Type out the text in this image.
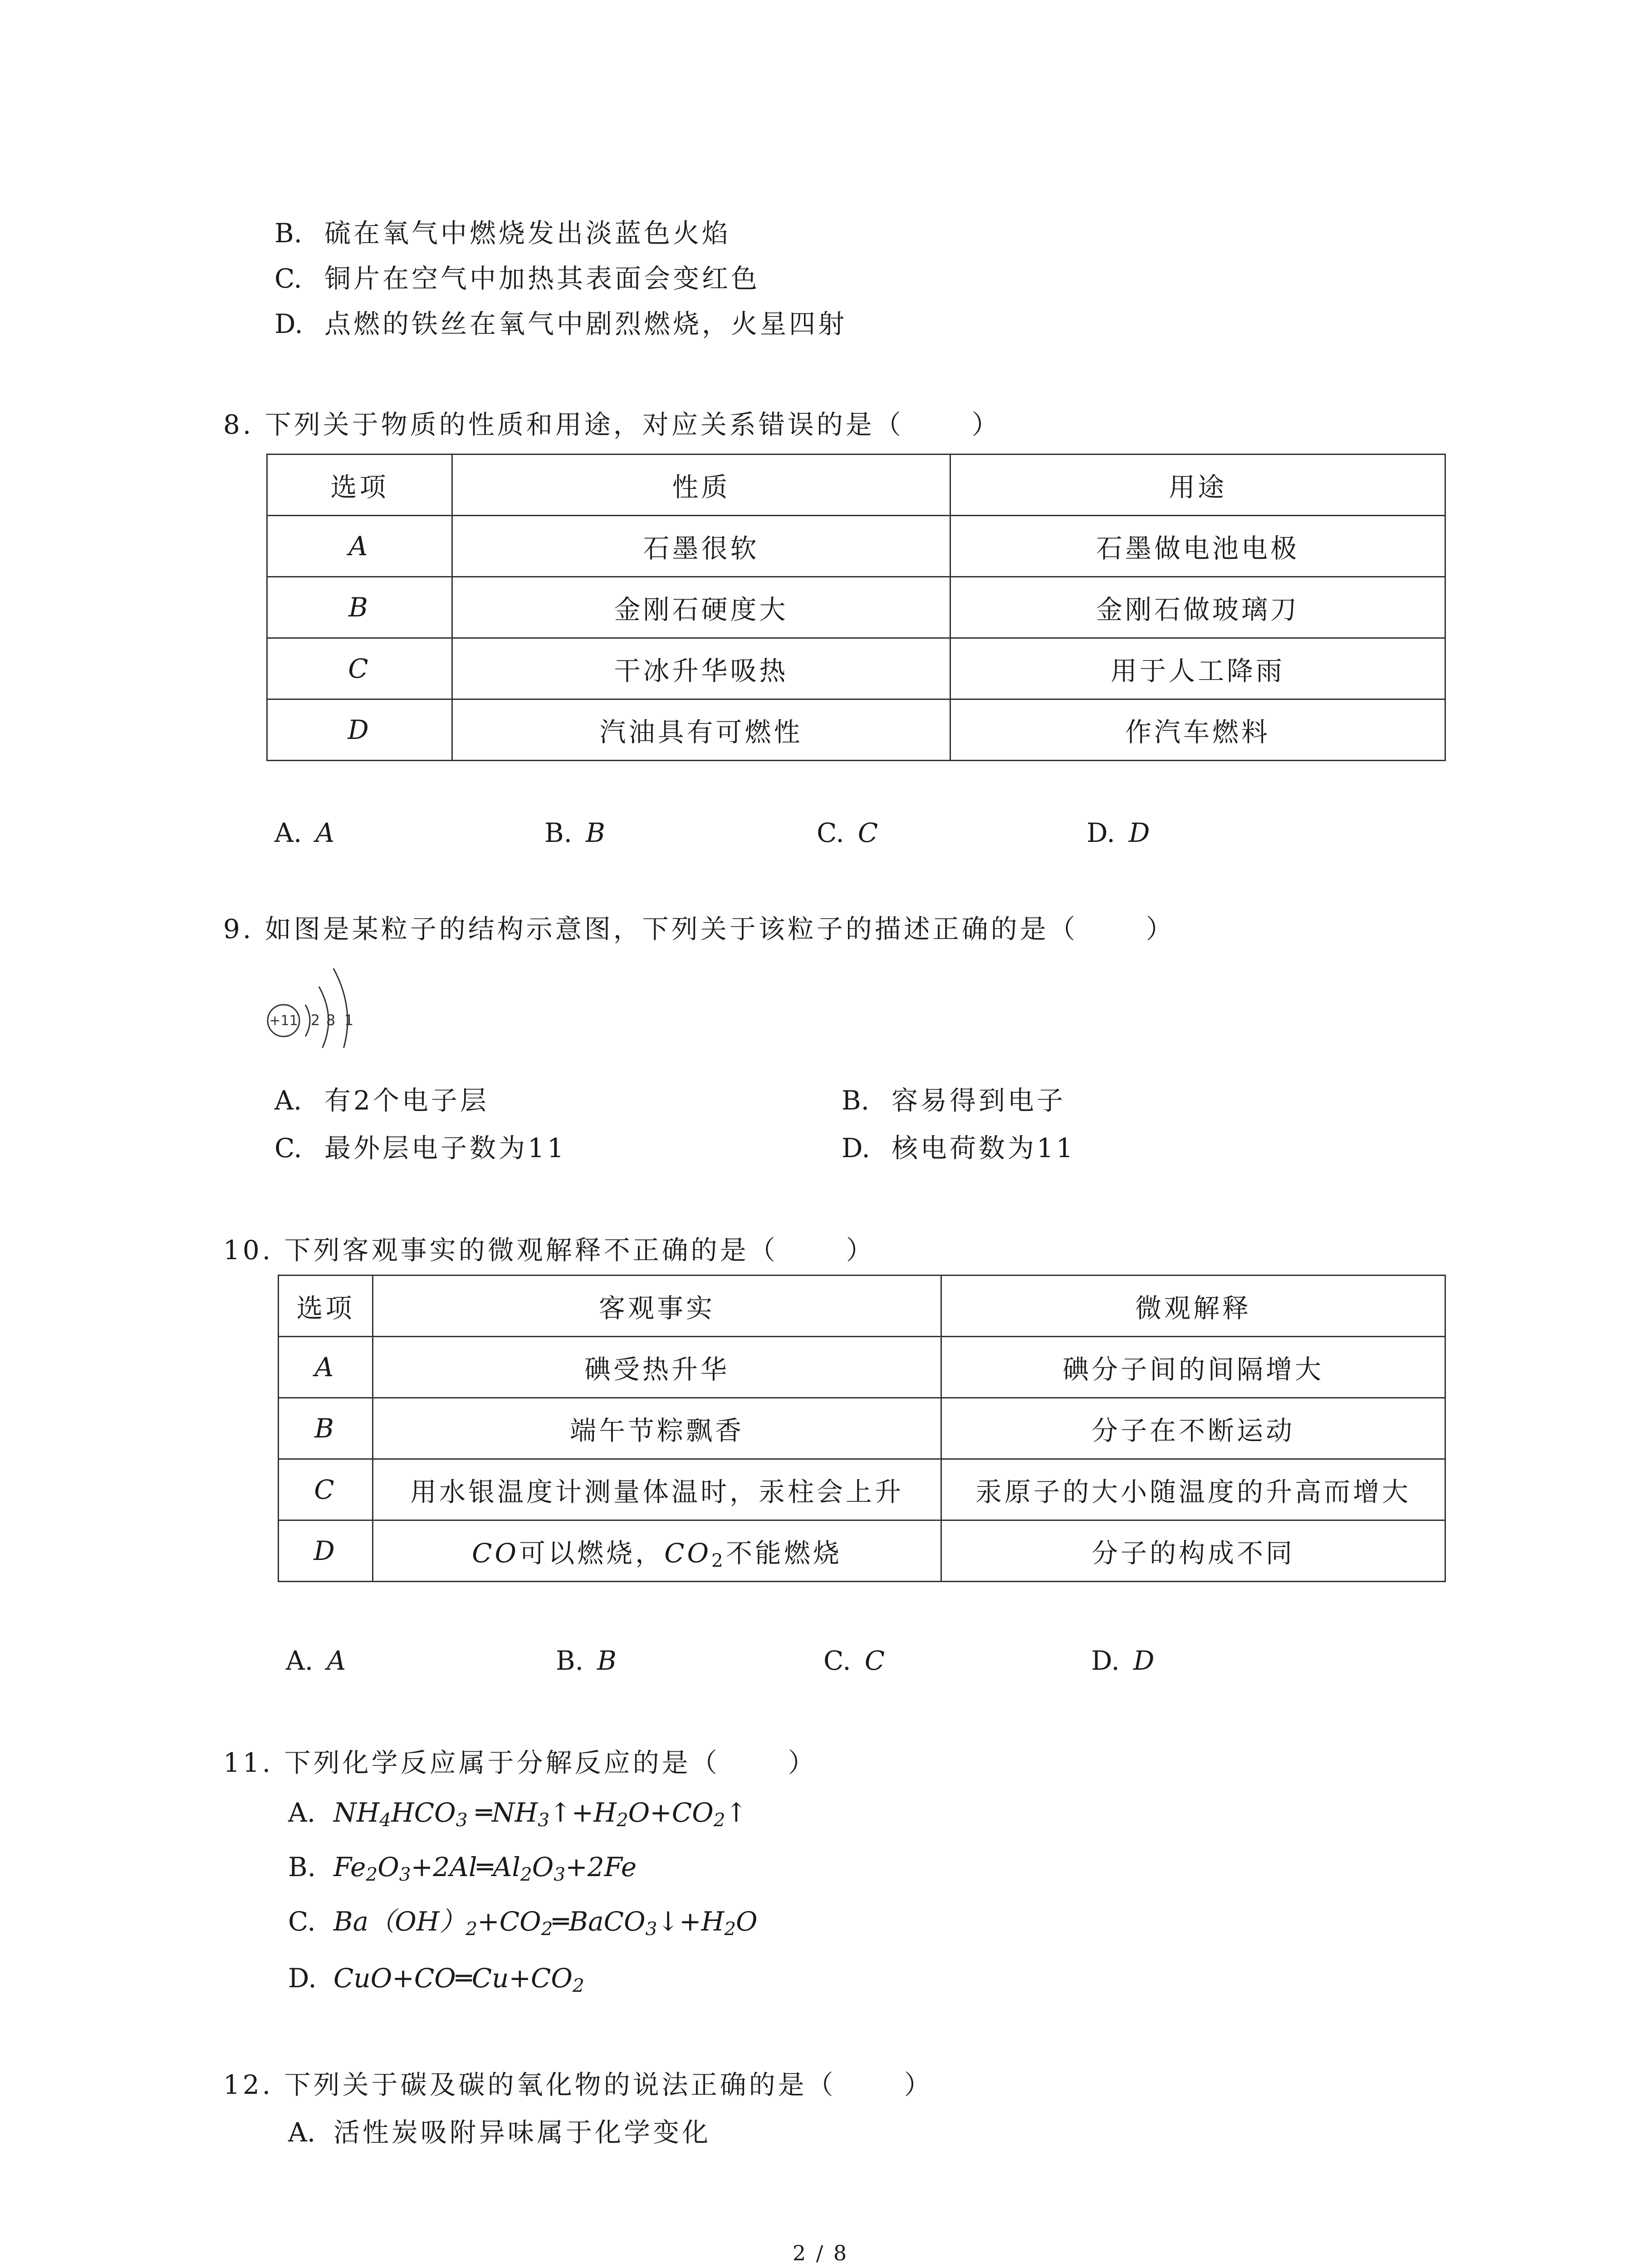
B. 硫在氧气中燃烧发出淡蓝色火焰
C. 铜片在空气中加热其表面会变红色
D. 点燃的铁丝在氧气中剧烈燃烧，火星四射
8. 下列关于物质的性质和用途，对应关系错误的是（	）
选项	性质	用途
A	石墨很软	石墨做电池电极
B	金刚石硬度大	金刚石做玻璃刀
C	干冰升华吸热	用于人工降雨
D	汽油具有可燃性	作汽车燃料
A. A	B. B	C. C	D. D
9. 如图是某粒子的结构示意图，下列关于该粒子的描述正确的是（	）
+11 2 8 1
A. 有2个电子层	B. 容易得到电子
C. 最外层电子数为11	D. 核电荷数为11
10. 下列客观事实的微观解释不正确的是（	）
选项	客观事实	微观解释
A	碘受热升华	碘分子间的间隔增大
B	端午节粽飘香	分子在不断运动
C	用水银温度计测量体温时，汞柱会上升	汞原子的大小随温度的升高而增大
D	CO可以燃烧，$CO_2$不能燃烧	分子的构成不同
A. A	B. B	C. C	D. D
11. 下列化学反应属于分解反应的是（	）
A. $NH_4HCO_3$ $═NH_3↑+H_2O+CO_2↑$
B. $Fe_2O_3+2Al═Al_2O_3+2Fe$
C. $Ba(OH)_2+CO_2═BaCO_3↓+H_2O$
D. $CuO+CO═Cu+CO_2$
12. 下列关于碳及碳的氧化物的说法正确的是（	）
A. 活性炭吸附异味属于化学变化
2 / 8
